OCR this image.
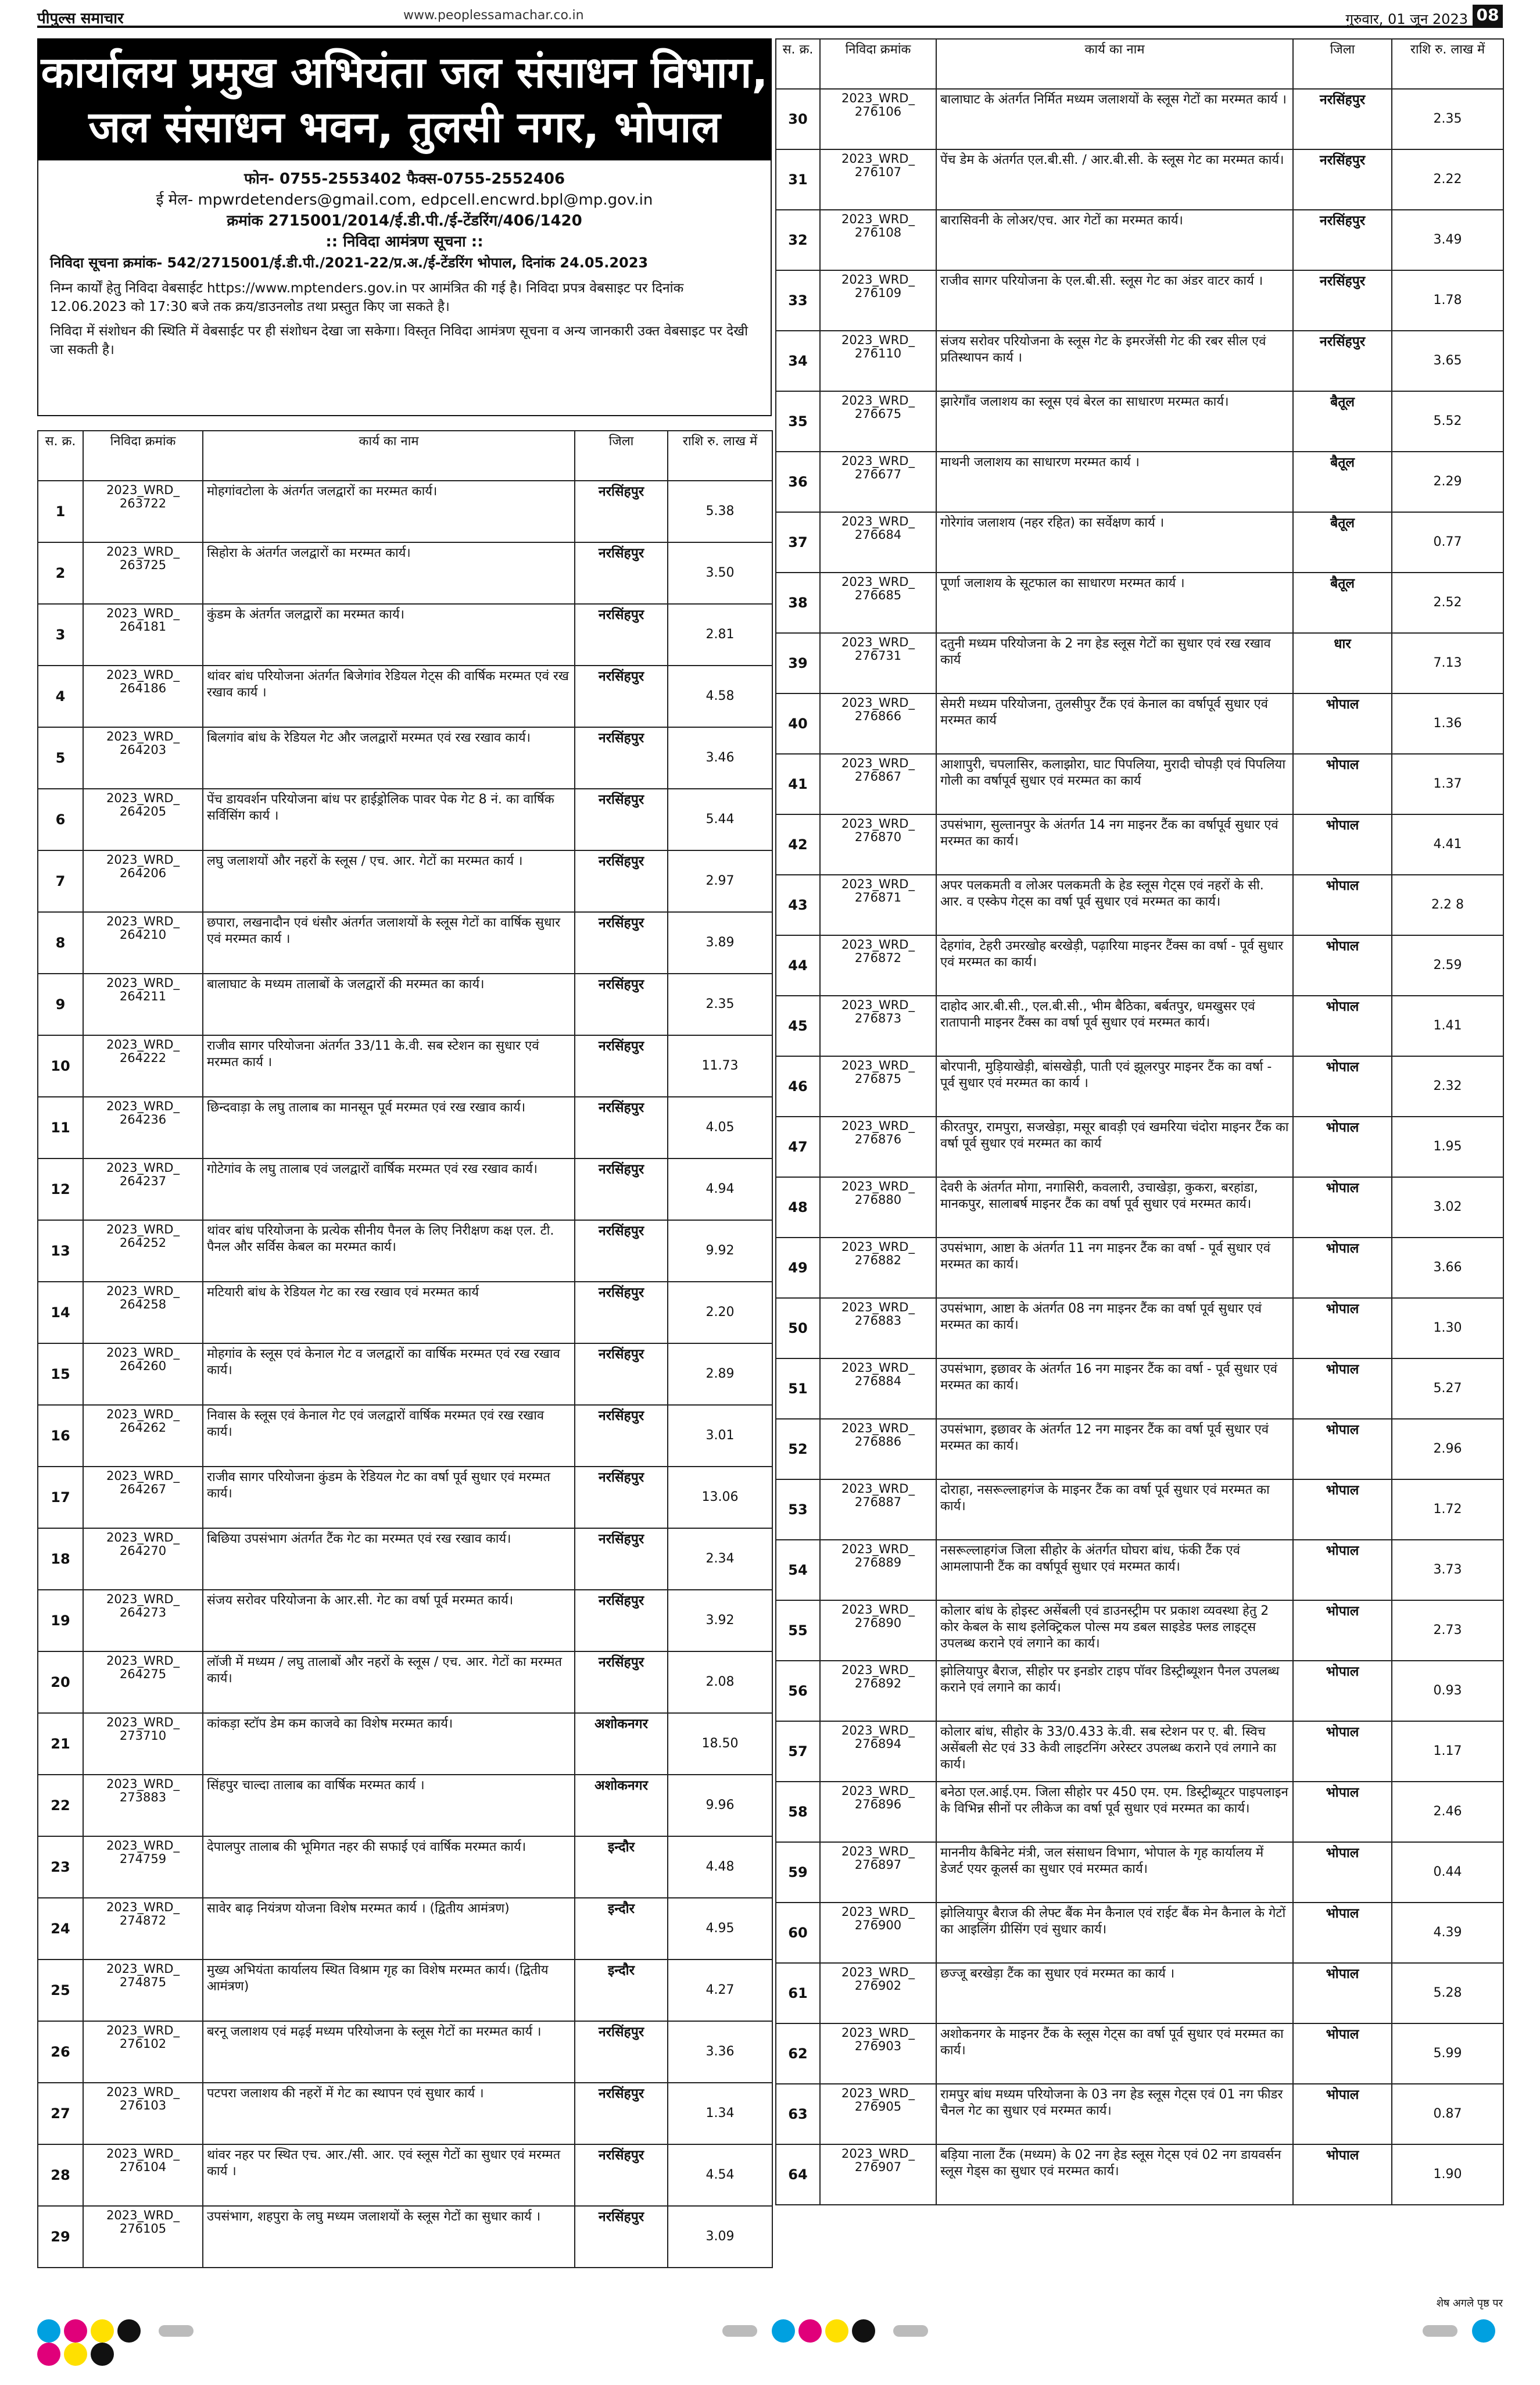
पीपुल्स समाचार	www.peoplessamachar.co.in	गुरुवार, 01 जून 2023 08
कार्यालय प्रमुख अभियंता जल संसाधन विभाग,
जल संसाधन भवन, तुलसी नगर, भोपाल
फोन- 0755-2553402 फैक्स-0755-2552406
ई मेल- mpwrdetenders@gmail.com, edpcell.encwrd.bpl@mp.gov.in
क्रमांक 2715001/2014/ई.डी.पी./ई-टेंडरिंग/406/1420
:: निविदा आमंत्रण सूचना ::
निविदा सूचना क्रमांक- 542/2715001/ई.डी.पी./2021-22/प्र.अ./ई-टेंडरिंग भोपाल, दिनांक 24.05.2023
निम्न कार्यों हेतु निविदा वेबसाईट https://www.mptenders.gov.in पर आमंत्रित की गई है। निविदा प्रपत्र वेबसाइट पर दिनांक 12.06.2023 को 17:30 बजे तक क्रय/डाउनलोड तथा प्रस्तुत किए जा सकते है।
निविदा में संशोधन की स्थिति में वेबसाईट पर ही संशोधन देखा जा सकेगा। विस्तृत निविदा आमंत्रण सूचना व अन्य जानकारी उक्त वेबसाइट पर देखी जा सकती है।
स. क्र.	निविदा क्रमांक	कार्य का नाम	जिला	राशि रु. लाख में
1	2023_WRD_ 263722	मोहगांवटोला के अंतर्गत जलद्वारों का मरम्मत कार्य।	नरसिंहपुर	5.38
2	2023_WRD_ 263725	सिहोरा के अंतर्गत जलद्वारों का मरम्मत कार्य।	नरसिंहपुर	3.50
3	2023_WRD_ 264181	कुंडम के अंतर्गत जलद्वारों का मरम्मत कार्य।	नरसिंहपुर	2.81
4	2023_WRD_ 264186	थांवर बांध परियोजना अंतर्गत बिजेगांव रेडियल गेट्स की वार्षिक मरम्मत एवं रख रखाव कार्य ।	नरसिंहपुर	4.58
5	2023_WRD_ 264203	बिलगांव बांध के रेडियल गेट और जलद्वारों मरम्मत एवं रख रखाव कार्य।	नरसिंहपुर	3.46
6	2023_WRD_ 264205	पेंच डायवर्शन परियोजना बांध पर हाईड्रोलिक पावर पेक गेट 8 नं. का वार्षिक सर्विसिंग कार्य ।	नरसिंहपुर	5.44
7	2023_WRD_ 264206	लघु जलाशयों और नहरों के स्लूस / एच. आर. गेटों का मरम्मत कार्य ।	नरसिंहपुर	2.97
8	2023_WRD_ 264210	छपारा, लखनादौन एवं धंसौर अंतर्गत जलाशयों के स्लूस गेटों का वार्षिक सुधार एवं मरम्मत कार्य ।	नरसिंहपुर	3.89
9	2023_WRD_ 264211	बालाघाट के मध्यम तालाबों के जलद्वारों की मरम्मत का कार्य।	नरसिंहपुर	2.35
10	2023_WRD_ 264222	राजीव सागर परियोजना अंतर्गत 33/11 के.वी. सब स्टेशन का सुधार एवं मरम्मत कार्य ।	नरसिंहपुर	11.73
11	2023_WRD_ 264236	छिन्दवाड़ा के लघु तालाब का मानसून पूर्व मरम्मत एवं रख रखाव कार्य।	नरसिंहपुर	4.05
12	2023_WRD_ 264237	गोटेगांव के लघु तालाब एवं जलद्वारों वार्षिक मरम्मत एवं रख रखाव कार्य।	नरसिंहपुर	4.94
13	2023_WRD_ 264252	थांवर बांध परियोजना के प्रत्येक सीनीय पैनल के लिए निरीक्षण कक्ष एल. टी. पैनल और सर्विस केबल का मरम्मत कार्य।	नरसिंहपुर	9.92
14	2023_WRD_ 264258	मटियारी बांध के रेडियल गेट का रख रखाव एवं मरम्मत कार्य	नरसिंहपुर	2.20
15	2023_WRD_ 264260	मोहगांव के स्लूस एवं केनाल गेट व जलद्वारों का वार्षिक मरम्मत एवं रख रखाव कार्य।	नरसिंहपुर	2.89
16	2023_WRD_ 264262	निवास के स्लूस एवं केनाल गेट एवं जलद्वारों वार्षिक मरम्मत एवं रख रखाव कार्य।	नरसिंहपुर	3.01
17	2023_WRD_ 264267	राजीव सागर परियोजना कुंडम के रेडियल गेट का वर्षा पूर्व सुधार एवं मरम्मत कार्य।	नरसिंहपुर	13.06
18	2023_WRD_ 264270	बिछिया उपसंभाग अंतर्गत टैंक गेट का मरम्मत एवं रख रखाव कार्य।	नरसिंहपुर	2.34
19	2023_WRD_ 264273	संजय सरोवर परियोजना के आर.सी. गेट का वर्षा पूर्व मरम्मत कार्य।	नरसिंहपुर	3.92
20	2023_WRD_ 264275	लॉजी में मध्यम / लघु तालाबों और नहरों के स्लूस / एच. आर. गेटों का मरम्मत कार्य।	नरसिंहपुर	2.08
21	2023_WRD_ 273710	कांकड़ा स्टॉप डेम कम काजवे का विशेष मरम्मत कार्य।	अशोकनगर	18.50
22	2023_WRD_ 273883	सिंहपुर चाल्दा तालाब का वार्षिक मरम्मत कार्य ।	अशोकनगर	9.96
23	2023_WRD_ 274759	देपालपुर तालाब की भूमिगत नहर की सफाई एवं वार्षिक मरम्मत कार्य।	इन्दौर	4.48
24	2023_WRD_ 274872	सावेर बाढ़ नियंत्रण योजना विशेष मरम्मत कार्य । (द्वितीय आमंत्रण)	इन्दौर	4.95
25	2023_WRD_ 274875	मुख्य अभियंता कार्यालय स्थित विश्राम गृह का विशेष मरम्मत कार्य। (द्वितीय आमंत्रण)	इन्दौर	4.27
26	2023_WRD_ 276102	बरनू जलाशय एवं मढ़ई मध्यम परियोजना के स्लूस गेटों का मरम्मत कार्य ।	नरसिंहपुर	3.36
27	2023_WRD_ 276103	पटपरा जलाशय की नहरों में गेट का स्थापन एवं सुधार कार्य ।	नरसिंहपुर	1.34
28	2023_WRD_ 276104	थांवर नहर पर स्थित एच. आर./सी. आर. एवं स्लूस गेटों का सुधार एवं मरम्मत कार्य ।	नरसिंहपुर	4.54
29	2023_WRD_ 276105	उपसंभाग, शहपुरा के लघु मध्यम जलाशयों के स्लूस गेटों का सुधार कार्य ।	नरसिंहपुर	3.09
स. क्र.	निविदा क्रमांक	कार्य का नाम	जिला	राशि रु. लाख में
30	2023_WRD_ 276106	बालाघाट के अंतर्गत निर्मित मध्यम जलाशयों के स्लूस गेटों का मरम्मत कार्य ।	नरसिंहपुर	2.35
31	2023_WRD_ 276107	पेंच डेम के अंतर्गत एल.बी.सी. / आर.बी.सी. के स्लूस गेट का मरम्मत कार्य।	नरसिंहपुर	2.22
32	2023_WRD_ 276108	बारासिवनी के लोअर/एच. आर गेटों का मरम्मत कार्य।	नरसिंहपुर	3.49
33	2023_WRD_ 276109	राजीव सागर परियोजना के एल.बी.सी. स्लूस गेट का अंडर वाटर कार्य ।	नरसिंहपुर	1.78
34	2023_WRD_ 276110	संजय सरोवर परियोजना के स्लूस गेट के इमरजेंसी गेट की रबर सील एवं प्रतिस्थापन कार्य ।	नरसिंहपुर	3.65
35	2023_WRD_ 276675	झारेगाँव जलाशय का स्लूस एवं बेरल का साधारण मरम्मत कार्य।	बैतूल	5.52
36	2023_WRD_ 276677	माथनी जलाशय का साधारण मरम्मत कार्य ।	बैतूल	2.29
37	2023_WRD_ 276684	गोरेगांव जलाशय (नहर रहित) का सर्वेक्षण कार्य ।	बैतूल	0.77
38	2023_WRD_ 276685	पूर्णा जलाशय के सूटफाल का साधारण मरम्मत कार्य ।	बैतूल	2.52
39	2023_WRD_ 276731	दतुनी मध्यम परियोजना के 2 नग हेड स्लूस गेटों का सुधार एवं रख रखाव कार्य	धार	7.13
40	2023_WRD_ 276866	सेमरी मध्यम परियोजना, तुलसीपुर टैंक एवं केनाल का वर्षापूर्व सुधार एवं मरम्मत कार्य	भोपाल	1.36
41	2023_WRD_ 276867	आशापुरी, चपलासिर, कलाझोरा, घाट पिपलिया, मुरादी चोपड़ी एवं पिपलिया गोली का वर्षापूर्व सुधार एवं मरम्मत का कार्य	भोपाल	1.37
42	2023_WRD_ 276870	उपसंभाग, सुल्तानपुर के अंतर्गत 14 नग माइनर टैंक का वर्षापूर्व सुधार एवं मरम्मत का कार्य।	भोपाल	4.41
43	2023_WRD_ 276871	अपर पलकमती व लोअर पलकमती के हेड स्लूस गेट्स एवं नहरों के सी. आर. व एस्केप गेट्स का वर्षा पूर्व सुधार एवं मरम्मत का कार्य।	भोपाल	2.2 8
44	2023_WRD_ 276872	देहगांव, टेहरी उमरखोह बरखेड़ी, पढ़ारिया माइनर टैंक्स का वर्षा - पूर्व सुधार एवं मरम्मत का कार्य।	भोपाल	2.59
45	2023_WRD_ 276873	दाहोद आर.बी.सी., एल.बी.सी., भीम बैठिका, बर्बतपुर, धमखुसर एवं रातापानी माइनर टैंक्स का वर्षा पूर्व सुधार एवं मरम्मत कार्य।	भोपाल	1.41
46	2023_WRD_ 276875	बोरपानी, मुड़ियाखेड़ी, बांसखेड़ी, पाती एवं झूलरपुर माइनर टैंक का वर्षा - पूर्व सुधार एवं मरम्मत का कार्य ।	भोपाल	2.32
47	2023_WRD_ 276876	कीरतपुर, रामपुरा, सजखेड़ा, मसूर बावड़ी एवं खमरिया चंदोरा माइनर टैंक का वर्षा पूर्व सुधार एवं मरम्मत का कार्य	भोपाल	1.95
48	2023_WRD_ 276880	देवरी के अंतर्गत मोगा, नगासिरी, कवलारी, उचाखेड़ा, कुकरा, बरहांडा, मानकपुर, सालाबर्ष माइनर टैंक का वर्षा पूर्व सुधार एवं मरम्मत कार्य।	भोपाल	3.02
49	2023_WRD_ 276882	उपसंभाग, आष्टा के अंतर्गत 11 नग माइनर टैंक का वर्षा - पूर्व सुधार एवं मरम्मत का कार्य।	भोपाल	3.66
50	2023_WRD_ 276883	उपसंभाग, आष्टा के अंतर्गत 08 नग माइनर टैंक का वर्षा पूर्व सुधार एवं मरम्मत का कार्य।	भोपाल	1.30
51	2023_WRD_ 276884	उपसंभाग, इछावर के अंतर्गत 16 नग माइनर टैंक का वर्षा - पूर्व सुधार एवं मरम्मत का कार्य।	भोपाल	5.27
52	2023_WRD_ 276886	उपसंभाग, इछावर के अंतर्गत 12 नग माइनर टैंक का वर्षा पूर्व सुधार एवं मरम्मत का कार्य।	भोपाल	2.96
53	2023_WRD_ 276887	दोराहा, नसरूल्लाहगंज के माइनर टैंक का वर्षा पूर्व सुधार एवं मरम्मत का कार्य।	भोपाल	1.72
54	2023_WRD_ 276889	नसरूल्लाहगंज जिला सीहोर के अंतर्गत घोघरा बांध, फंकी टैंक एवं आमलापानी टैंक का वर्षापूर्व सुधार एवं मरम्मत कार्य।	भोपाल	3.73
55	2023_WRD_ 276890	कोलार बांध के होइस्ट असेंबली एवं डाउनस्ट्रीम पर प्रकाश व्यवस्था हेतु 2 कोर केबल के साथ इलेक्ट्रिकल पोल्स मय डबल साइडेड फ्लड लाइट्स उपलब्ध कराने एवं लगाने का कार्य।	भोपाल	2.73
56	2023_WRD_ 276892	झोलियापुर बैराज, सीहोर पर इनडोर टाइप पॉवर डिस्ट्रीब्यूशन पैनल उपलब्ध कराने एवं लगाने का कार्य।	भोपाल	0.93
57	2023_WRD_ 276894	कोलार बांध, सीहोर के 33/0.433 के.वी. सब स्टेशन पर ए. बी. स्विच असेंबली सेट एवं 33 केवी लाइटनिंग अरेस्टर उपलब्ध कराने एवं लगाने का कार्य।	भोपाल	1.17
58	2023_WRD_ 276896	बनेठा एल.आई.एम. जिला सीहोर पर 450 एम. एम. डिस्ट्रीब्यूटर पाइपलाइन के विभिन्न सीनों पर लीकेज का वर्षा पूर्व सुधार एवं मरम्मत का कार्य।	भोपाल	2.46
59	2023_WRD_ 276897	माननीय कैबिनेट मंत्री, जल संसाधन विभाग, भोपाल के गृह कार्यालय में डेजर्ट एयर कूलर्स का सुधार एवं मरम्मत कार्य।	भोपाल	0.44
60	2023_WRD_ 276900	झोलियापुर बैराज की लेफ्ट बैंक मेन कैनाल एवं राईट बैंक मेन कैनाल के गेटों का आइलिंग ग्रीसिंग एवं सुधार कार्य।	भोपाल	4.39
61	2023_WRD_ 276902	छज्जू बरखेड़ा टैंक का सुधार एवं मरम्मत का कार्य ।	भोपाल	5.28
62	2023_WRD_ 276903	अशोकनगर के माइनर टैंक के स्लूस गेट्स का वर्षा पूर्व सुधार एवं मरम्मत का कार्य।	भोपाल	5.99
63	2023_WRD_ 276905	रामपुर बांध मध्यम परियोजना के 03 नग हेड स्लूस गेट्स एवं 01 नग फीडर चैनल गेट का सुधार एवं मरम्मत कार्य।	भोपाल	0.87
64	2023_WRD_ 276907	बड़िया नाला टैंक (मध्यम) के 02 नग हेड स्लूस गेट्स एवं 02 नग डायवर्सन स्लूस गेड्स का सुधार एवं मरम्मत कार्य।	भोपाल	1.90
शेष अगले पृष्ठ पर
